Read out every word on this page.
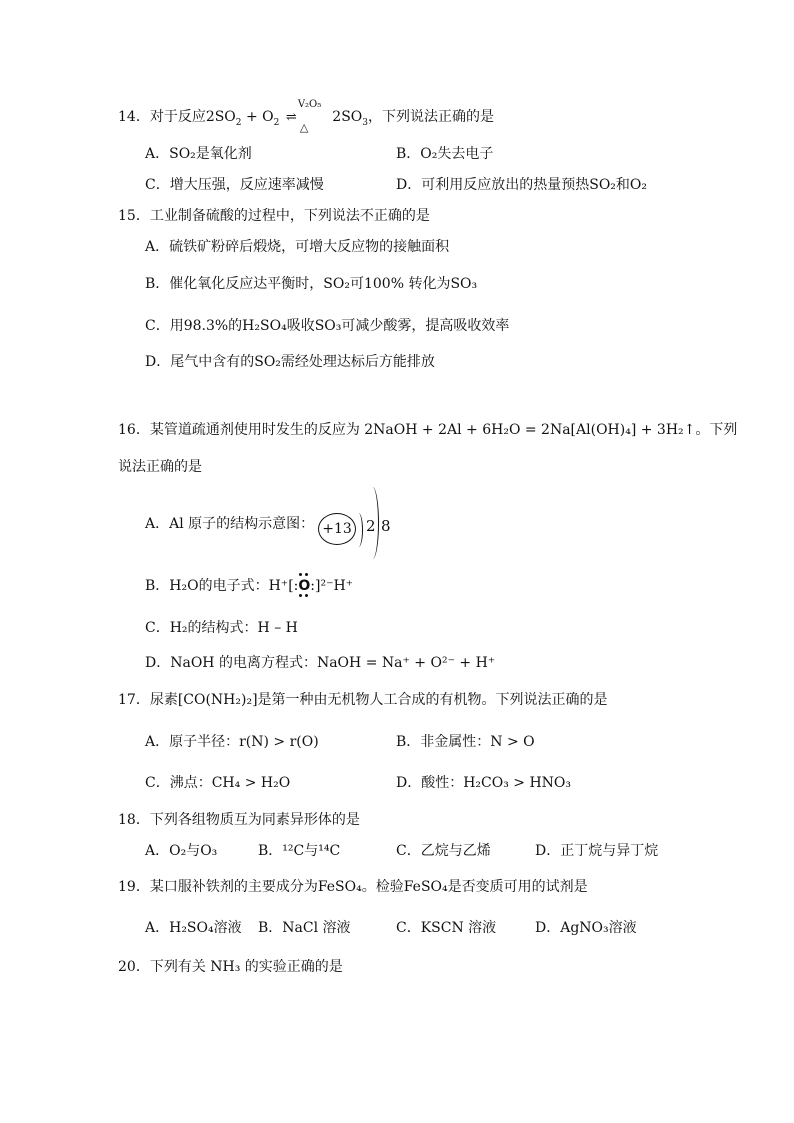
14．对于反应$2SO_2 + O_2$
V₂O₅
⇌
△
$2SO_3$，下列说法正确的是
A．SO₂是氧化剂	B．O₂失去电子
C．增大压强，反应速率减慢	D．可利用反应放出的热量预热SO₂和O₂
15．工业制备硫酸的过程中，下列说法不正确的是
A．硫铁矿粉碎后煅烧，可增大反应物的接触面积
B．催化氧化反应达平衡时，SO₂可100% 转化为SO₃
C．用98.3%的H₂SO₄吸收SO₃可减少酸雾，提高吸收效率
D．尾气中含有的SO₂需经处理达标后方能排放
16．某管道疏通剂使用时发生的反应为 2NaOH + 2Al + 6H₂O = 2Na[Al(OH)₄] + 3H₂↑。下列
说法正确的是
A．Al 原子的结构示意图： +13 2 8
B．H₂O的电子式：H⁺[:
O:]²⁻H⁺
C．H₂的结构式：H – H
D．NaOH 的电离方程式：NaOH = Na⁺ + O²⁻ + H⁺
17．尿素[CO(NH₂)₂]是第一种由无机物人工合成的有机物。下列说法正确的是
A．原子半径：r(N) > r(O)	B．非金属性：N > O
C．沸点：CH₄ > H₂O	D．酸性：H₂CO₃ > HNO₃
18．下列各组物质互为同素异形体的是
A．O₂与O₃	B．¹²C与¹⁴C	C．乙烷与乙烯	D．正丁烷与异丁烷
19．某口服补铁剂的主要成分为FeSO₄。检验FeSO₄是否变质可用的试剂是
A．H₂SO₄溶液 B．NaCl 溶液	C．KSCN 溶液	D．AgNO₃溶液
20．下列有关 NH₃ 的实验正确的是
